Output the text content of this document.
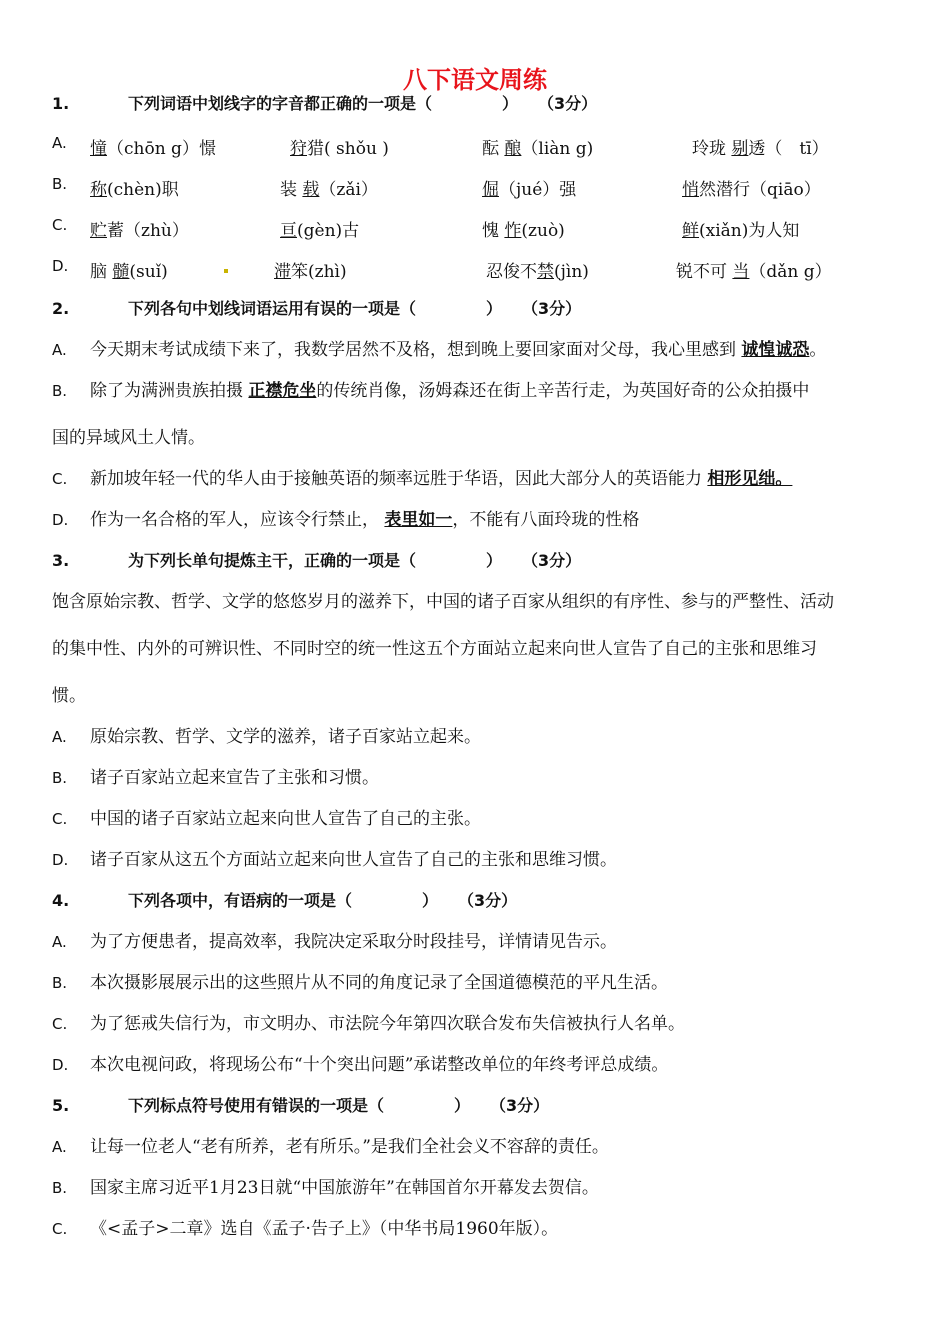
八下语文周练
1.	下列词语中划线字的字音都正确的一项是（	） （3分）
A. 憧（chōn g）憬	狩猎( shǒu )	酝 酿（liàn g)	玲珑 剔透（　tī）
B. 称(chèn)职	装 载（zǎi）	倔（jué）强	悄然潜行（qiāo）
C. 贮蓄（zhù）	亘(gèn)古	愧 怍(zuò)	鲜(xiǎn)为人知
D. 脑 髓(suǐ)	滞笨(zhì)	忍俊不禁(jìn)	锐不可 当（dǎn g）
2.	下列各句中划线词语运用有误的一项是（	） （3分）
A. 今天期末考试成绩下来了，我数学居然不及格，想到晚上要回家面对父母，我心里感到 诚惶诚恐。
B. 除了为满洲贵族拍摄 正襟危坐的传统肖像，汤姆森还在街上辛苦行走，为英国好奇的公众拍摄中
国的异域风土人情。
C. 新加坡年轻一代的华人由于接触英语的频率远胜于华语，因此大部分人的英语能力 相形见绌。
D. 作为一名合格的军人，应该令行禁止， 表里如一，不能有八面玲珑的性格
3.	为下列长单句提炼主干，正确的一项是（	） （3分）
饱含原始宗教、哲学、文学的悠悠岁月的滋养下，中国的诸子百家从组织的有序性、参与的严整性、活动
的集中性、内外的可辨识性、不同时空的统一性这五个方面站立起来向世人宣告了自己的主张和思维习
惯。
A. 原始宗教、哲学、文学的滋养，诸子百家站立起来。
B. 诸子百家站立起来宣告了主张和习惯。
C. 中国的诸子百家站立起来向世人宣告了自己的主张。
D. 诸子百家从这五个方面站立起来向世人宣告了自己的主张和思维习惯。
4.	下列各项中，有语病的一项是（	） （3分）
A. 为了方便患者，提高效率，我院决定采取分时段挂号，详情请见告示。
B. 本次摄影展展示出的这些照片从不同的角度记录了全国道德模范的平凡生活。
C. 为了惩戒失信行为，市文明办、市法院今年第四次联合发布失信被执行人名单。
D. 本次电视问政，将现场公布“十个突出问题”承诺整改单位的年终考评总成绩。
5.	下列标点符号使用有错误的一项是（	） （3分）
A. 让每一位老人“老有所养，老有所乐。”是我们全社会义不容辞的责任。
B. 国家主席习近平1月23日就“中国旅游年”在韩国首尔开幕发去贺信。
C. 《<孟子>二章》选自《孟子·告子上》（中华书局1960年版）。
